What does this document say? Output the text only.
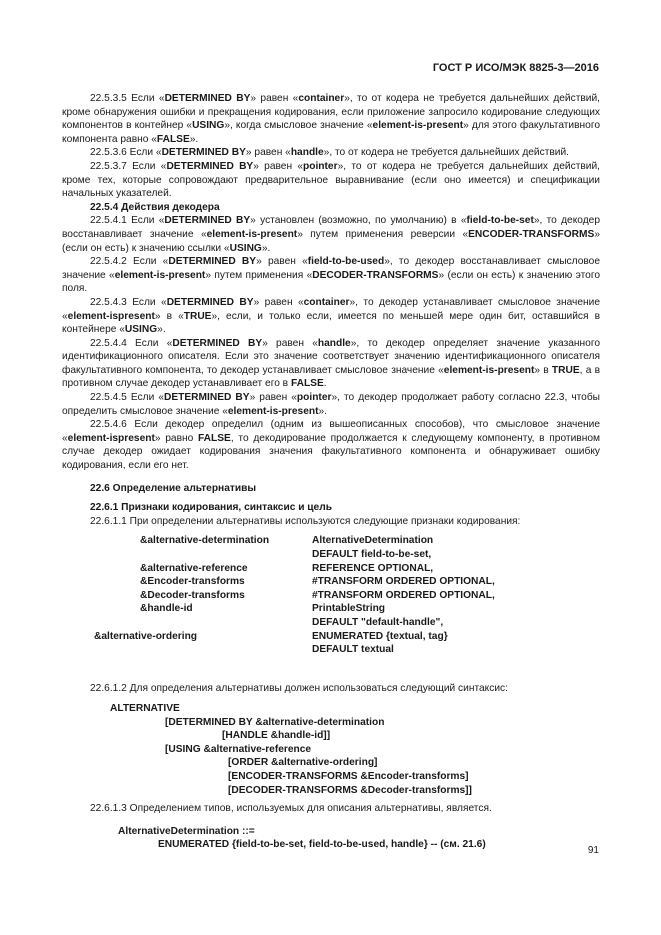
ГОСТ Р ИСО/МЭК 8825-3—2016

22.5.3.5 Если «DETERMINED BY» равен «container», то от кодера не требуется дальнейших действий, кроме обнаружения ошибки и прекращения кодирования, если приложение запросило кодирование следующих компонентов в контейнер «USING», когда смысловое значение «element-is-present» для этого факультативного компонента равно «FALSE».

22.5.3.6 Если «DETERMINED BY» равен «handle», то от кодера не требуется дальнейших действий.

22.5.3.7 Если «DETERMINED BY» равен «pointer», то от кодера не требуется дальнейших действий, кроме тех, которые сопровождают предварительное выравнивание (если оно имеется) и спецификации начальных указателей.

22.5.4 Действия декодера

22.5.4.1 Если «DETERMINED BY» установлен (возможно, по умолчанию) в «field-to-be-set», то декодер восстанавливает значение «element-is-present» путем применения реверсии «ENCODER-TRANSFORMS» (если он есть) к значению ссылки «USING».

22.5.4.2 Если «DETERMINED BY» равен «field-to-be-used», то декодер восстанавливает смысловое значение «element-is-present» путем применения «DECODER-TRANSFORMS» (если он есть) к значению этого поля.

22.5.4.3 Если «DETERMINED BY» равен «container», то декодер устанавливает смысловое значение «element-ispresent» в «TRUE», если, и только если, имеется по меньшей мере один бит, оставшийся в контейнере «USING».

22.5.4.4 Если «DETERMINED BY» равен «handle», то декодер определяет значение указанного идентификационного описателя. Если это значение соответствует значению идентификационного описателя факультативного компонента, то декодер устанавливает смысловое значение «element-is-present» в TRUE, а в противном случае декодер устанавливает его в FALSE.

22.5.4.5 Если «DETERMINED BY» равен «pointer», то декодер продолжает работу согласно 22.3, чтобы определить смысловое значение «element-is-present».

22.5.4.6 Если декодер определил (одним из вышеописанных способов), что смысловое значение «element-ispresent» равно FALSE, то декодирование продолжается к следующему компоненту, в противном случае декодер ожидает кодирования значения факультативного компонента и обнаруживает ошибку кодирования, если его нет.

22.6 Определение альтернативы

22.6.1 Признаки кодирования, синтаксис и цель

22.6.1.1 При определении альтернативы используются следующие признаки кодирования:

&alternative-determination	AlternativeDetermination
DEFAULT field-to-be-set,
&alternative-reference	REFERENCE OPTIONAL,
&Encoder-transforms	#TRANSFORM ORDERED OPTIONAL,
&Decoder-transforms	#TRANSFORM ORDERED OPTIONAL,
&handle-id	PrintableString
DEFAULT "default-handle",
&alternative-ordering	ENUMERATED {textual, tag}
DEFAULT textual

22.6.1.2 Для определения альтернативы должен использоваться следующий синтаксис:

ALTERNATIVE
[DETERMINED BY &alternative-determination
[HANDLE &handle-id]]
[USING &alternative-reference
[ORDER &alternative-ordering]
[ENCODER-TRANSFORMS &Encoder-transforms]
[DECODER-TRANSFORMS &Decoder-transforms]]

22.6.1.3 Определением типов, используемых для описания альтернативы, является.

AlternativeDetermination ::=
ENUMERATED {field-to-be-set, field-to-be-used, handle} -- (см. 21.6)
91
